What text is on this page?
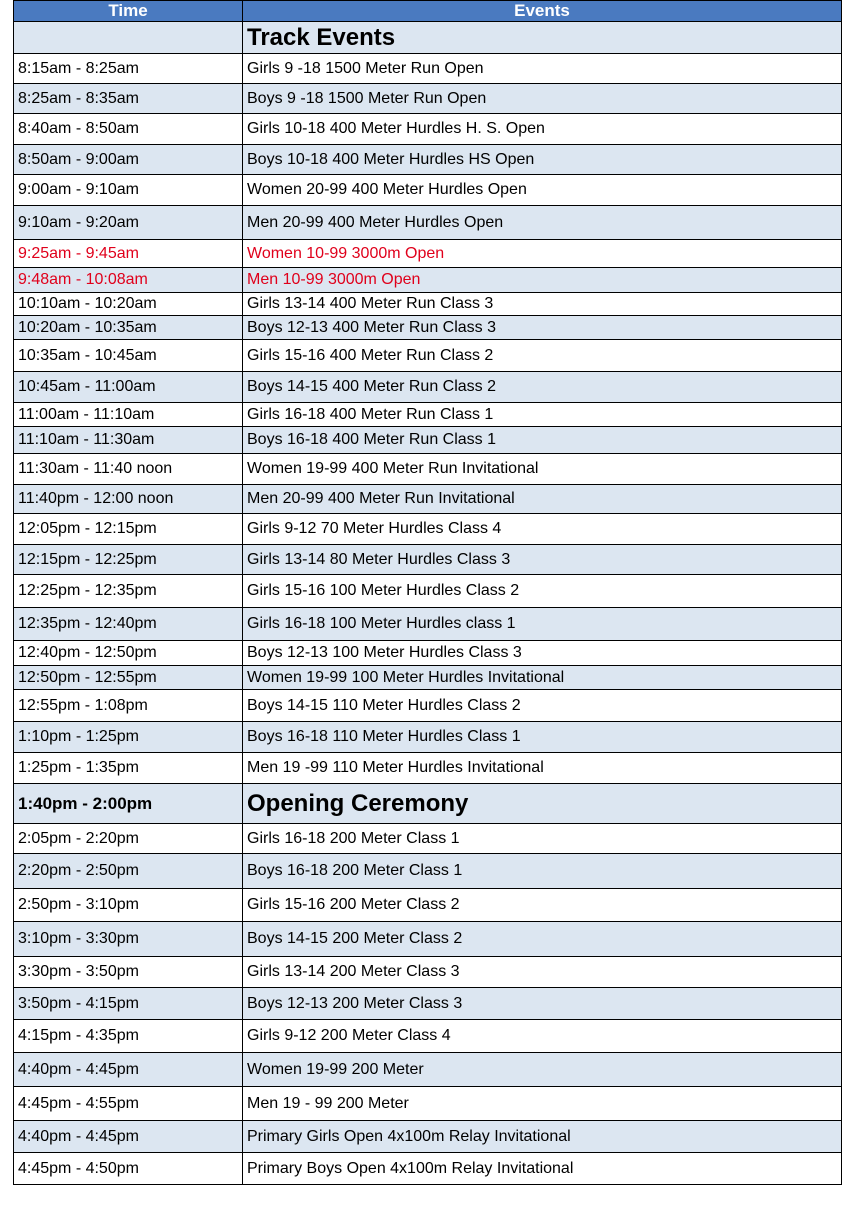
Time	Events
	Track Events
8:15am - 8:25am	Girls 9 -18 1500 Meter Run Open
8:25am - 8:35am	Boys 9 -18 1500 Meter Run Open
8:40am - 8:50am	Girls 10-18 400 Meter Hurdles H. S. Open
8:50am - 9:00am	Boys 10-18 400 Meter Hurdles HS Open
9:00am - 9:10am	Women 20-99 400 Meter Hurdles Open
9:10am - 9:20am	Men 20-99 400 Meter Hurdles Open
9:25am - 9:45am	Women 10-99 3000m Open
9:48am - 10:08am	Men 10-99 3000m Open
10:10am - 10:20am	Girls 13-14 400 Meter Run Class 3
10:20am - 10:35am	Boys 12-13 400 Meter Run Class 3
10:35am - 10:45am	Girls 15-16 400 Meter Run Class 2
10:45am - 11:00am	Boys 14-15 400 Meter Run Class 2
11:00am - 11:10am	Girls 16-18 400 Meter Run Class 1
11:10am - 11:30am	Boys 16-18 400 Meter Run Class 1
11:30am - 11:40 noon	Women 19-99 400 Meter Run Invitational
11:40pm - 12:00 noon	Men 20-99 400 Meter Run Invitational
12:05pm - 12:15pm	Girls 9-12 70 Meter Hurdles Class 4
12:15pm - 12:25pm	Girls 13-14 80 Meter Hurdles Class 3
12:25pm - 12:35pm	Girls 15-16 100 Meter Hurdles Class 2
12:35pm - 12:40pm	Girls 16-18 100 Meter Hurdles class 1
12:40pm - 12:50pm	Boys 12-13 100 Meter Hurdles Class 3
12:50pm - 12:55pm	Women 19-99 100 Meter Hurdles Invitational
12:55pm - 1:08pm	Boys 14-15 110 Meter Hurdles Class 2
1:10pm - 1:25pm	Boys 16-18 110 Meter Hurdles Class 1
1:25pm - 1:35pm	Men 19 -99 110 Meter Hurdles Invitational
1:40pm - 2:00pm	Opening Ceremony
2:05pm - 2:20pm	Girls 16-18 200 Meter Class 1
2:20pm - 2:50pm	Boys 16-18 200 Meter Class 1
2:50pm - 3:10pm	Girls 15-16 200 Meter Class 2
3:10pm - 3:30pm	Boys 14-15 200 Meter Class 2
3:30pm - 3:50pm	Girls 13-14 200 Meter Class 3
3:50pm - 4:15pm	Boys 12-13 200 Meter Class 3
4:15pm - 4:35pm	Girls 9-12 200 Meter Class 4
4:40pm - 4:45pm	Women 19-99 200 Meter
4:45pm - 4:55pm	Men 19 - 99 200 Meter
4:40pm - 4:45pm	Primary Girls Open 4x100m Relay Invitational
4:45pm - 4:50pm	Primary Boys Open 4x100m Relay Invitational
